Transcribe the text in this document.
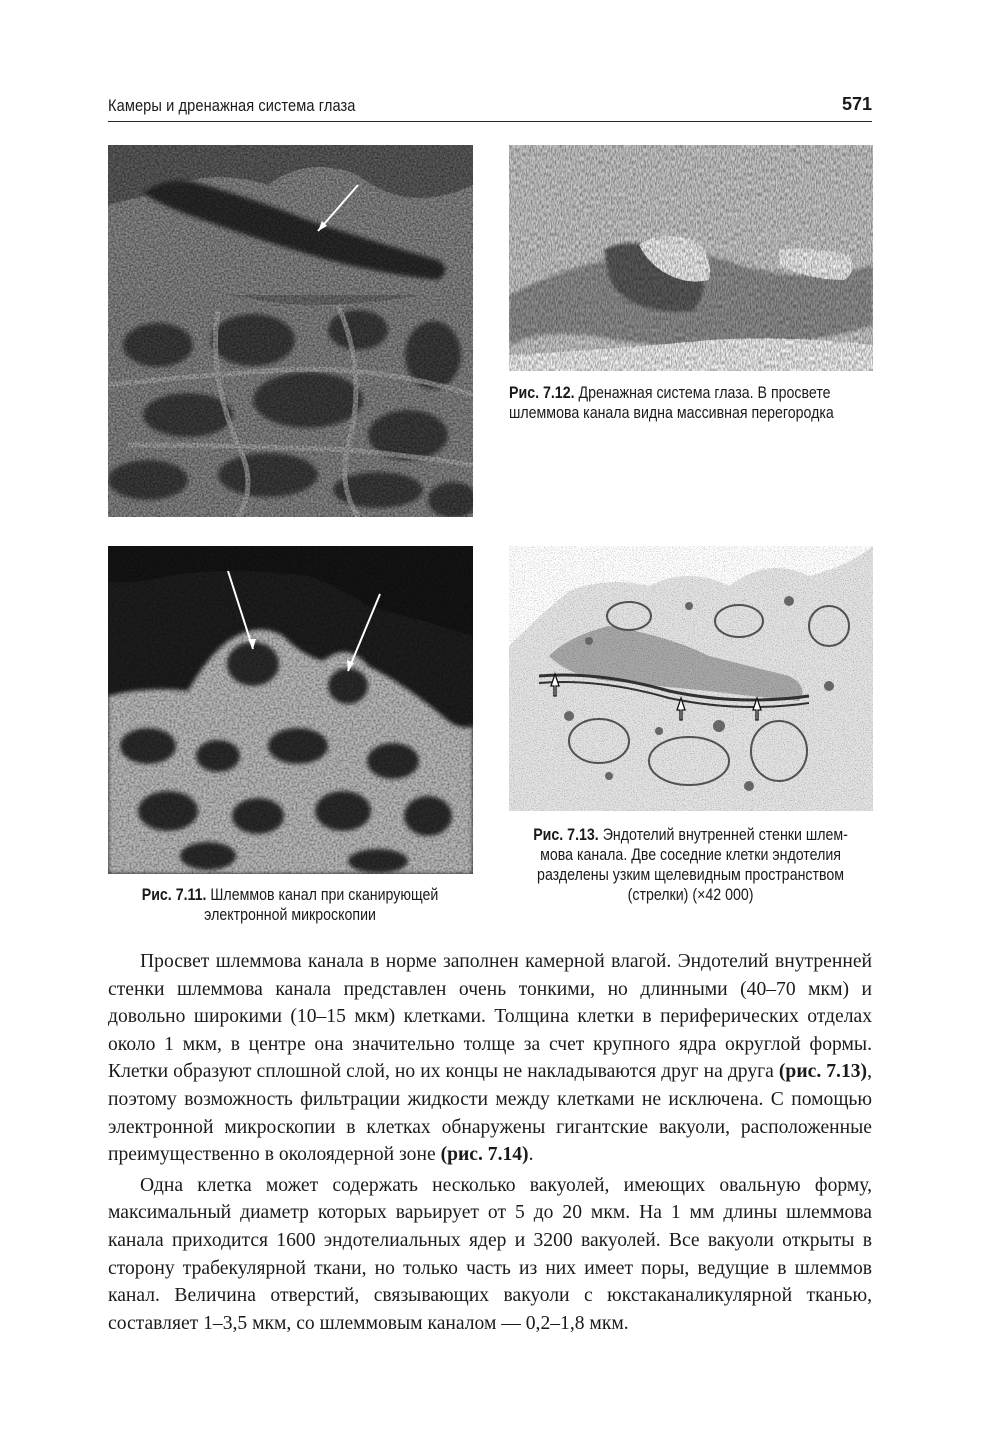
Камеры и дренажная система глаза	571
Рис. 7.12. Дренажная система глаза. В просвете
шлеммова канала видна массивная перегородка
Рис. 7.11. Шлеммов канал при сканирующей
электронной микроскопии
Рис. 7.13. Эндотелий внутренней стенки шлем-
мова канала. Две соседние клетки эндотелия
разделены узким щелевидным пространством
(стрелки) (×42 000)

Просвет шлеммова канала в норме заполнен камерной влагой. Эндотелий внутренней стенки шлеммова канала представлен очень тонкими, но длинными (40–70 мкм) и довольно широкими (10–15 мкм) клетками. Толщина клетки в периферических отделах около 1 мкм, в центре она значительно толще за счет крупного ядра округлой формы. Клетки образуют сплошной слой, но их концы не накладываются друг на друга (рис. 7.13), поэтому возможность фильтрации жидкости между клетками не исключена. С помощью электронной микроскопии в клетках обнаружены гигантские вакуоли, расположенные преимущественно в околоядерной зоне (рис. 7.14).

Одна клетка может содержать несколько вакуолей, имеющих овальную форму, максимальный диаметр которых варьирует от 5 до 20 мкм. На 1 мм длины шлеммова канала приходится 1600 эндотелиальных ядер и 3200 вакуолей. Все вакуоли открыты в сторону трабекулярной ткани, но только часть из них имеет поры, ведущие в шлеммов канал. Величина отверстий, связывающих вакуоли с юкстаканаликулярной тканью, составляет 1–3,5 мкм, со шлеммовым каналом — 0,2–1,8 мкм.
